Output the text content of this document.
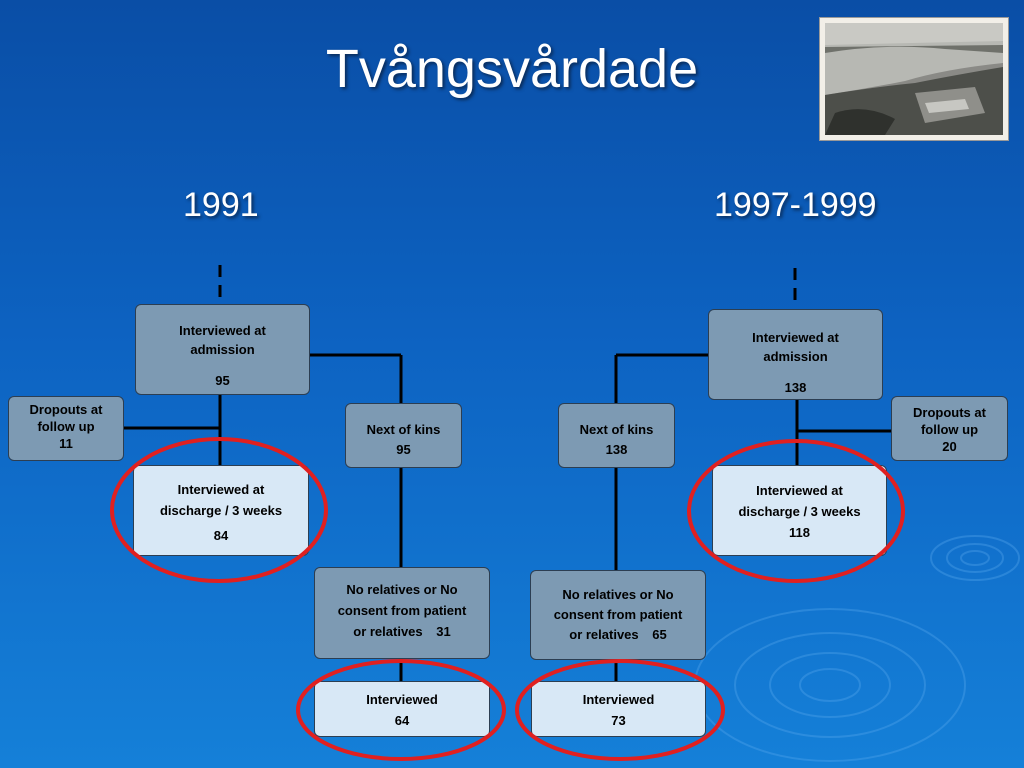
Tvångsvårdade
1991	1997-1999
Interviewed at
admission
95
Dropouts at
follow up
11
Next of kins
95
Interviewed at
discharge / 3 weeks
84
No relatives or No
consent from patient
or relatives 31
Interviewed
64
Interviewed at
admission
138
Dropouts at
follow up
20
Next of kins
138
Interviewed at
discharge / 3 weeks
118
No relatives or No
consent from patient
or relatives 65
Interviewed
73
